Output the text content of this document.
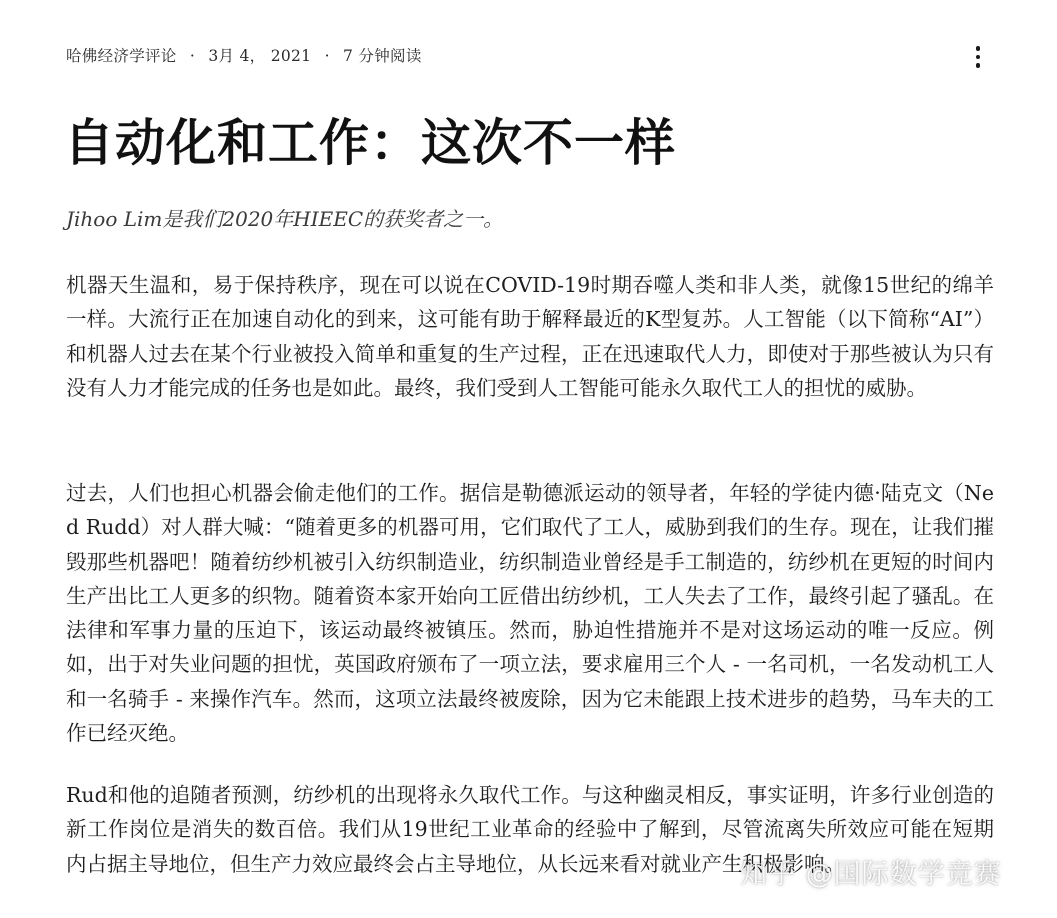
哈佛经济学评论 · 3月 4， 2021 · 7 分钟阅读
自动化和工作：这次不一样

Jihoo Lim是我们2020年HIEEC的获奖者之一。

机器天生温和，易于保持秩序，现在可以说在COVID-19时期吞噬人类和非人类，就像15世纪的绵羊一样。大流行正在加速自动化的到来，这可能有助于解释最近的K型复苏。人工智能（以下简称“AI”）和机器人过去在某个行业被投入简单和重复的生产过程，正在迅速取代人力，即使对于那些被认为只有没有人力才能完成的任务也是如此。最终，我们受到人工智能可能永久取代工人的担忧的威胁。

过去，人们也担心机器会偷走他们的工作。据信是勒德派运动的领导者，年轻的学徒内德·陆克文（Ned Rudd）对人群大喊：“随着更多的机器可用，它们取代了工人，威胁到我们的生存。现在，让我们摧毁那些机器吧！随着纺纱机被引入纺织制造业，纺织制造业曾经是手工制造的，纺纱机在更短的时间内生产出比工人更多的织物。随着资本家开始向工匠借出纺纱机，工人失去了工作，最终引起了骚乱。在法律和军事力量的压迫下，该运动最终被镇压。然而，胁迫性措施并不是对这场运动的唯一反应。例如，出于对失业问题的担忧，英国政府颁布了一项立法，要求雇用三个人 - 一名司机，一名发动机工人和一名骑手 - 来操作汽车。然而，这项立法最终被废除，因为它未能跟上技术进步的趋势，马车夫的工作已经灭绝。

Rud和他的追随者预测，纺纱机的出现将永久取代工作。与这种幽灵相反，事实证明，许多行业创造的新工作岗位是消失的数百倍。我们从19世纪工业革命的经验中了解到，尽管流离失所效应可能在短期内占据主导地位，但生产力效应最终会占主导地位，从长远来看对就业产生积极影响。

知乎 @国际数学竞赛
